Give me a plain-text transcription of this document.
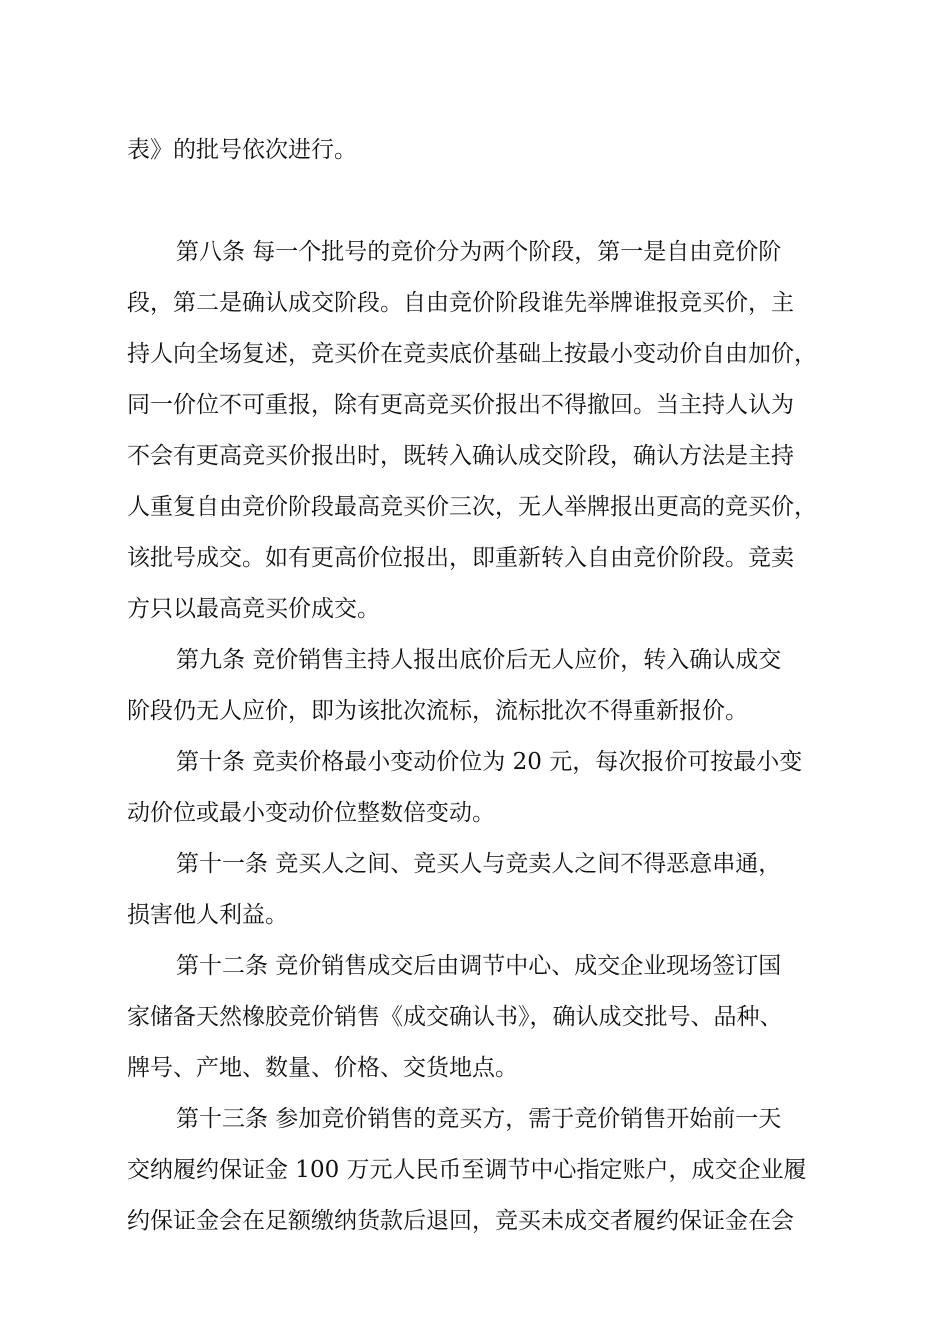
表》的批号依次进行。
第八条 每一个批号的竞价分为两个阶段，第一是自由竞价阶
段，第二是确认成交阶段。自由竞价阶段谁先举牌谁报竞买价，主
持人向全场复述，竞买价在竞卖底价基础上按最小变动价自由加价，
同一价位不可重报，除有更高竞买价报出不得撤回。当主持人认为
不会有更高竞买价报出时，既转入确认成交阶段，确认方法是主持
人重复自由竞价阶段最高竞买价三次，无人举牌报出更高的竞买价，
该批号成交。如有更高价位报出，即重新转入自由竞价阶段。竞卖
方只以最高竞买价成交。
第九条 竞价销售主持人报出底价后无人应价，转入确认成交
阶段仍无人应价，即为该批次流标，流标批次不得重新报价。
第十条 竞卖价格最小变动价位为 20 元，每次报价可按最小变
动价位或最小变动价位整数倍变动。
第十一条 竞买人之间、竞买人与竞卖人之间不得恶意串通，
损害他人利益。
第十二条 竞价销售成交后由调节中心、成交企业现场签订国
家储备天然橡胶竞价销售《成交确认书》，确认成交批号、品种、
牌号、产地、数量、价格、交货地点。
第十三条 参加竞价销售的竞买方，需于竞价销售开始前一天
交纳履约保证金 100 万元人民币至调节中心指定账户，成交企业履
约保证金会在足额缴纳货款后退回，竞买未成交者履约保证金在会
